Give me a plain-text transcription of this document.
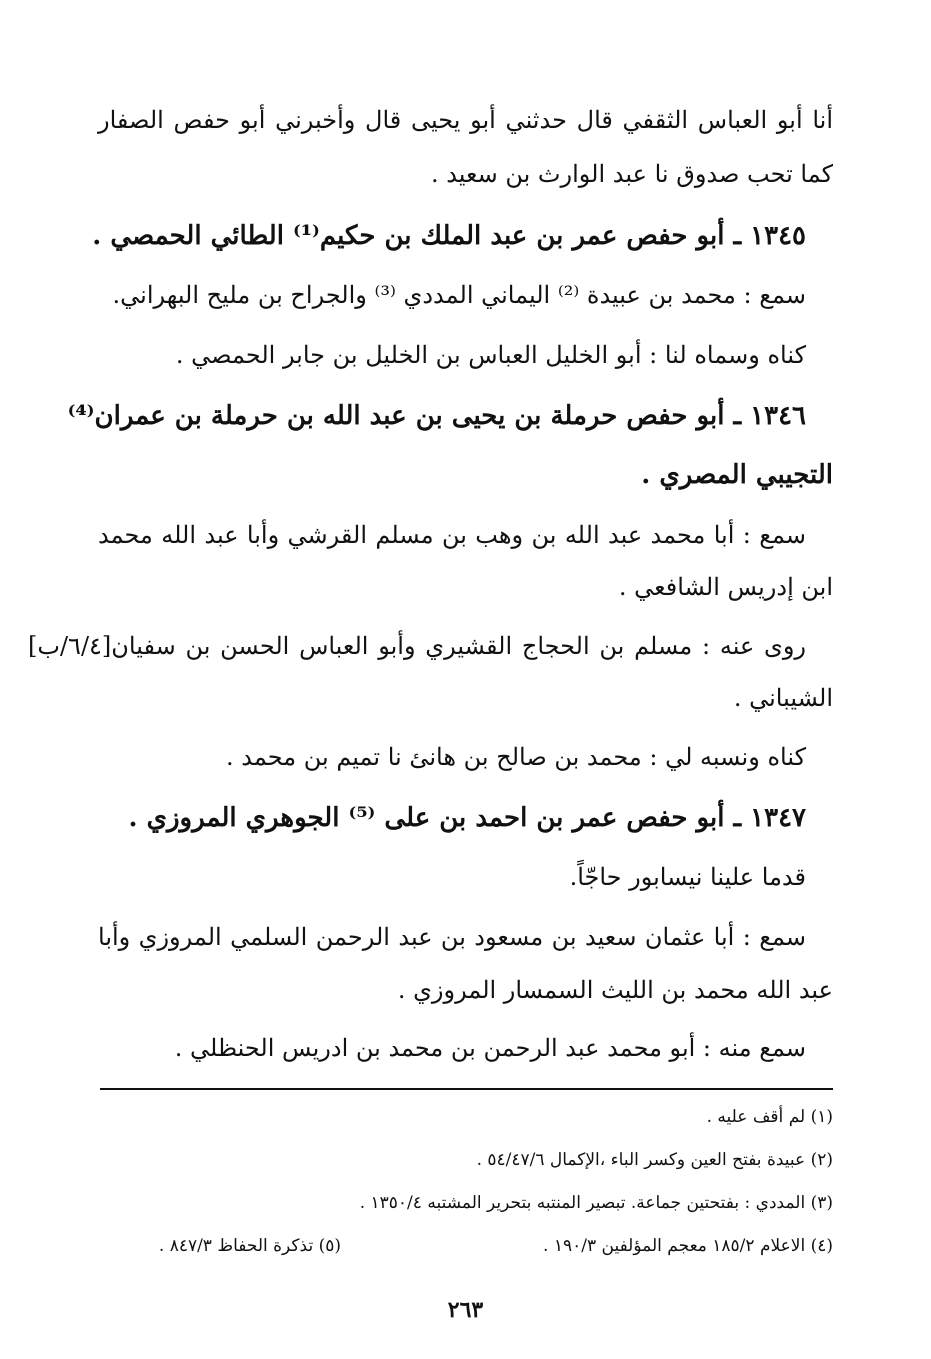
أنا أبو العباس الثقفي قال حدثني أبو يحيى قال وأخبرني أبو حفص الصفار
كما تحب صدوق نا عبد الوارث بن سعيد .
١٣٤٥ ـ أبو حفص عمر بن عبد الملك بن حكيم⁽¹⁾ الطائي الحمصي .
سمع : محمد بن عبيدة ⁽²⁾ اليماني المددي ⁽³⁾ والجراح بن مليح البهراني.
كناه وسماه لنا : أبو الخليل العباس بن الخليل بن جابر الحمصي .
١٣٤٦ ـ أبو حفص حرملة بن يحيى بن عبد الله بن حرملة بن عمران⁽⁴⁾
التجيبي المصري .
سمع : أبا محمد عبد الله بن وهب بن مسلم القرشي وأبا عبد الله محمد
ابن إدريس الشافعي .
روى عنه : مسلم بن الحجاج القشيري وأبو العباس الحسن بن سفيان[٦/٤/ب]
الشيباني .
كناه ونسبه لي : محمد بن صالح بن هانئ نا تميم بن محمد .
١٣٤٧ ـ أبو حفص عمر بن احمد بن على ⁽⁵⁾ الجوهري المروزي .
قدما علينا نيسابور حاجّاً.
سمع : أبا عثمان سعيد بن مسعود بن عبد الرحمن السلمي المروزي وأبا
عبد الله محمد بن الليث السمسار المروزي .
سمع منه : أبو محمد عبد الرحمن بن محمد بن ادريس الحنظلي .
(١) لم أقف عليه .
(٢) عبيدة بفتح العين وكسر الباء ،الإكمال ٥٤/٤٧/٦ .
(٣) المددي : بفتحتين جماعة. تبصير المنتبه بتحرير المشتبه ١٣٥٠/٤ .
(٤) الاعلام ١٨٥/٢ معجم المؤلفين ١٩٠/٣ .
(٥) تذكرة الحفاظ ٨٤٧/٣ .
٢٦٣
